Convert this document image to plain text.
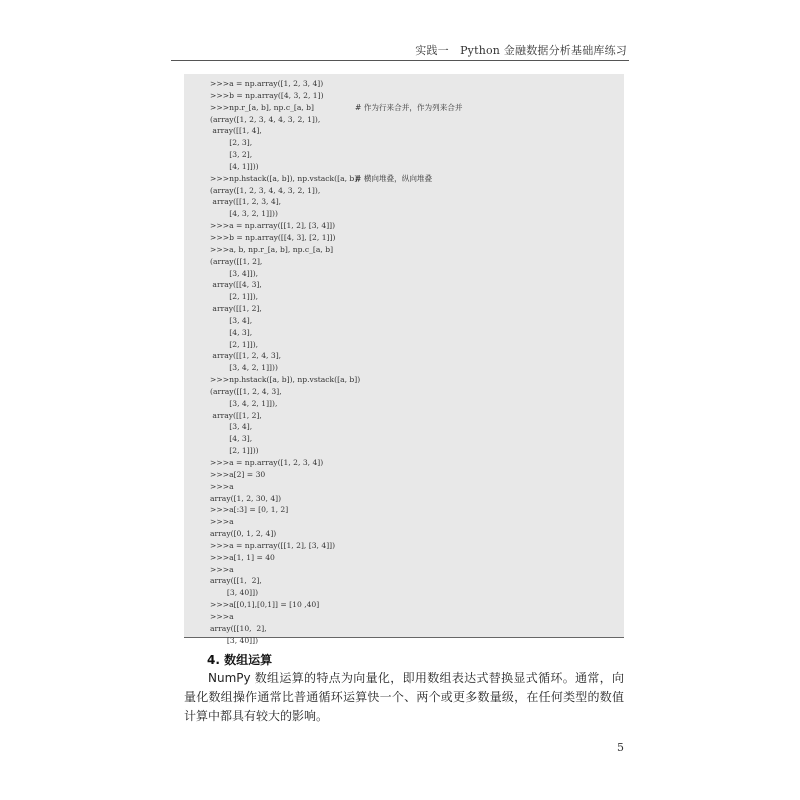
实践一　Python 金融数据分析基础库练习
>>>a = np.array([1, 2, 3, 4])
>>>b = np.array([4, 3, 2, 1])
>>>np.r_[a, b], np.c_[a, b]	# 作为行来合并，作为列来合并
(array([1, 2, 3, 4, 4, 3, 2, 1]),
array([[1, 4],
[2, 3],
[3, 2],
[4, 1]]))
>>>np.hstack([a, b]), np.vstack([a, b])
# 横向堆叠，纵向堆叠
(array([1, 2, 3, 4, 4, 3, 2, 1]),
array([[1, 2, 3, 4],
[4, 3, 2, 1]]))
>>>a = np.array([[1, 2], [3, 4]])
>>>b = np.array([[4, 3], [2, 1]])
>>>a, b, np.r_[a, b], np.c_[a, b]
(array([[1, 2],
[3, 4]]),
array([[4, 3],
[2, 1]]),
array([[1, 2],
[3, 4],
[4, 3],
[2, 1]]),
array([[1, 2, 4, 3],
[3, 4, 2, 1]]))
>>>np.hstack([a, b]), np.vstack([a, b])
(array([[1, 2, 4, 3],
[3, 4, 2, 1]]),
array([[1, 2],
[3, 4],
[4, 3],
[2, 1]]))
>>>a = np.array([1, 2, 3, 4])
>>>a[2] = 30
>>>a
array([1, 2, 30, 4])
>>>a[:3] = [0, 1, 2]
>>>a
array([0, 1, 2, 4])
>>>a = np.array([[1, 2], [3, 4]])
>>>a[1, 1] = 40
>>>a
array([[1,  2],
[3, 40]])
>>>a[[0,1],[0,1]] = [10 ,40]
>>>a
array([[10,  2],
[3, 40]])
4. 数组运算
NumPy 数组运算的特点为向量化，即用数组表达式替换显式循环。通常，向量化数组操作通常比普通循环运算快一个、两个或更多数量级，在任何类型的数值计算中都具有较大的影响。
5
